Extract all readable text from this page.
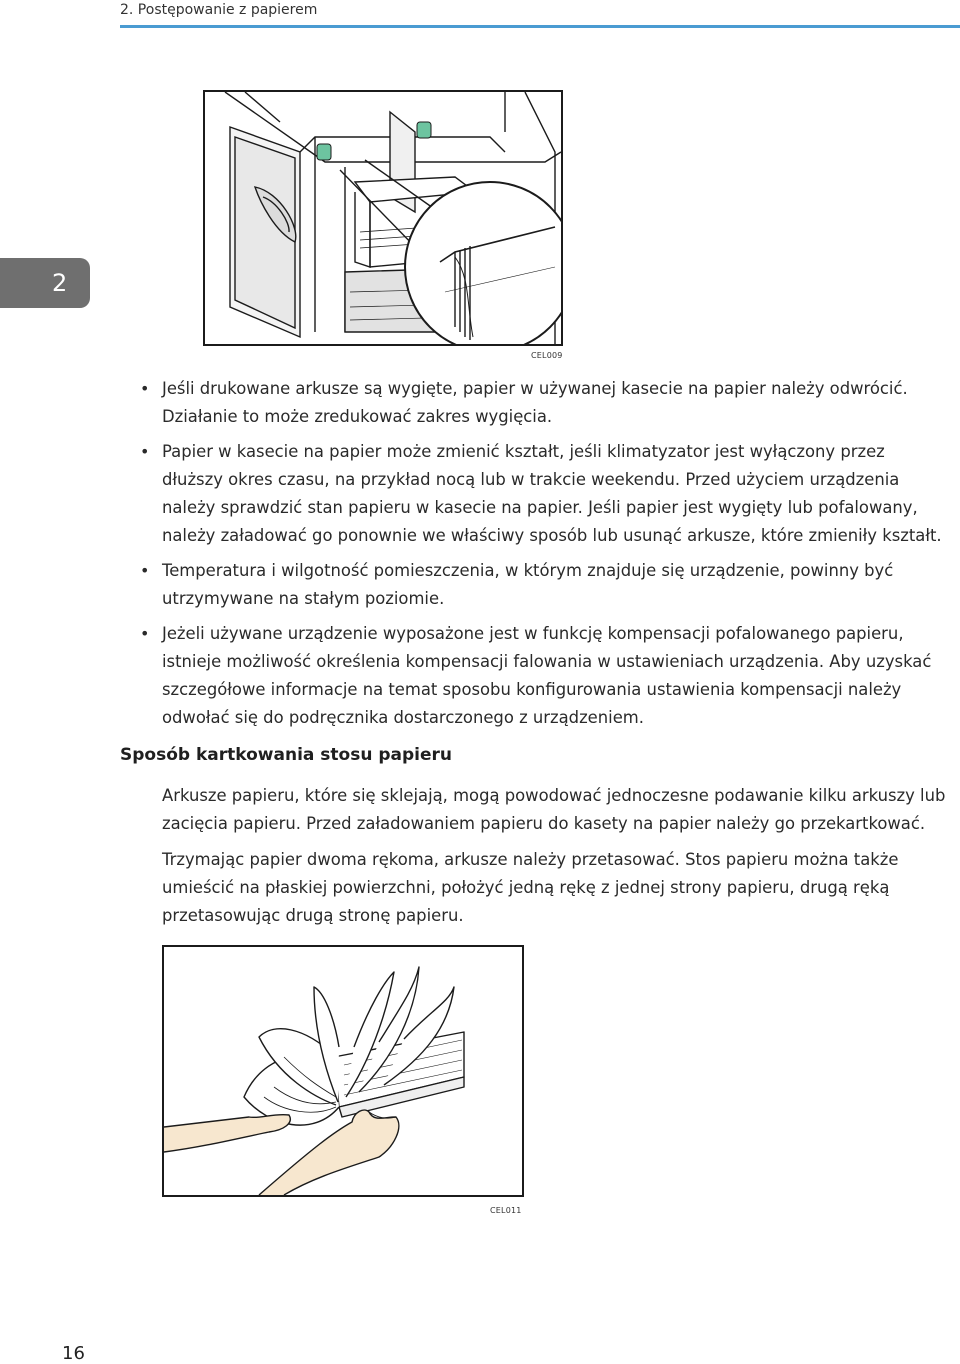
2. Postępowanie z papierem
2
CEL009
• Jeśli drukowane arkusze są wygięte, papier w używanej kasecie na papier należy odwrócić. Działanie to może zredukować zakres wygięcia.
• Papier w kasecie na papier może zmienić kształt, jeśli klimatyzator jest wyłączony przez dłuższy okres czasu, na przykład nocą lub w trakcie weekendu. Przed użyciem urządzenia należy sprawdzić stan papieru w kasecie na papier. Jeśli papier jest wygięty lub pofalowany, należy załadować go ponownie we właściwy sposób lub usunąć arkusze, które zmieniły kształt.
• Temperatura i wilgotność pomieszczenia, w którym znajduje się urządzenie, powinny być utrzymywane na stałym poziomie.
• Jeżeli używane urządzenie wyposażone jest w funkcję kompensacji pofalowanego papieru, istnieje możliwość określenia kompensacji falowania w ustawieniach urządzenia. Aby uzyskać szczegółowe informacje na temat sposobu konfigurowania ustawienia kompensacji należy odwołać się do podręcznika dostarczonego z urządzeniem.
Sposób kartkowania stosu papieru

Arkusze papieru, które się sklejają, mogą powodować jednoczesne podawanie kilku arkuszy lub zacięcia papieru. Przed załadowaniem papieru do kasety na papier należy go przekartkować.

Trzymając papier dwoma rękoma, arkusze należy przetasować. Stos papieru można także umieścić na płaskiej powierzchni, położyć jedną rękę z jednej strony papieru, drugą ręką przetasowując drugą stronę papieru.

CEL011
16
